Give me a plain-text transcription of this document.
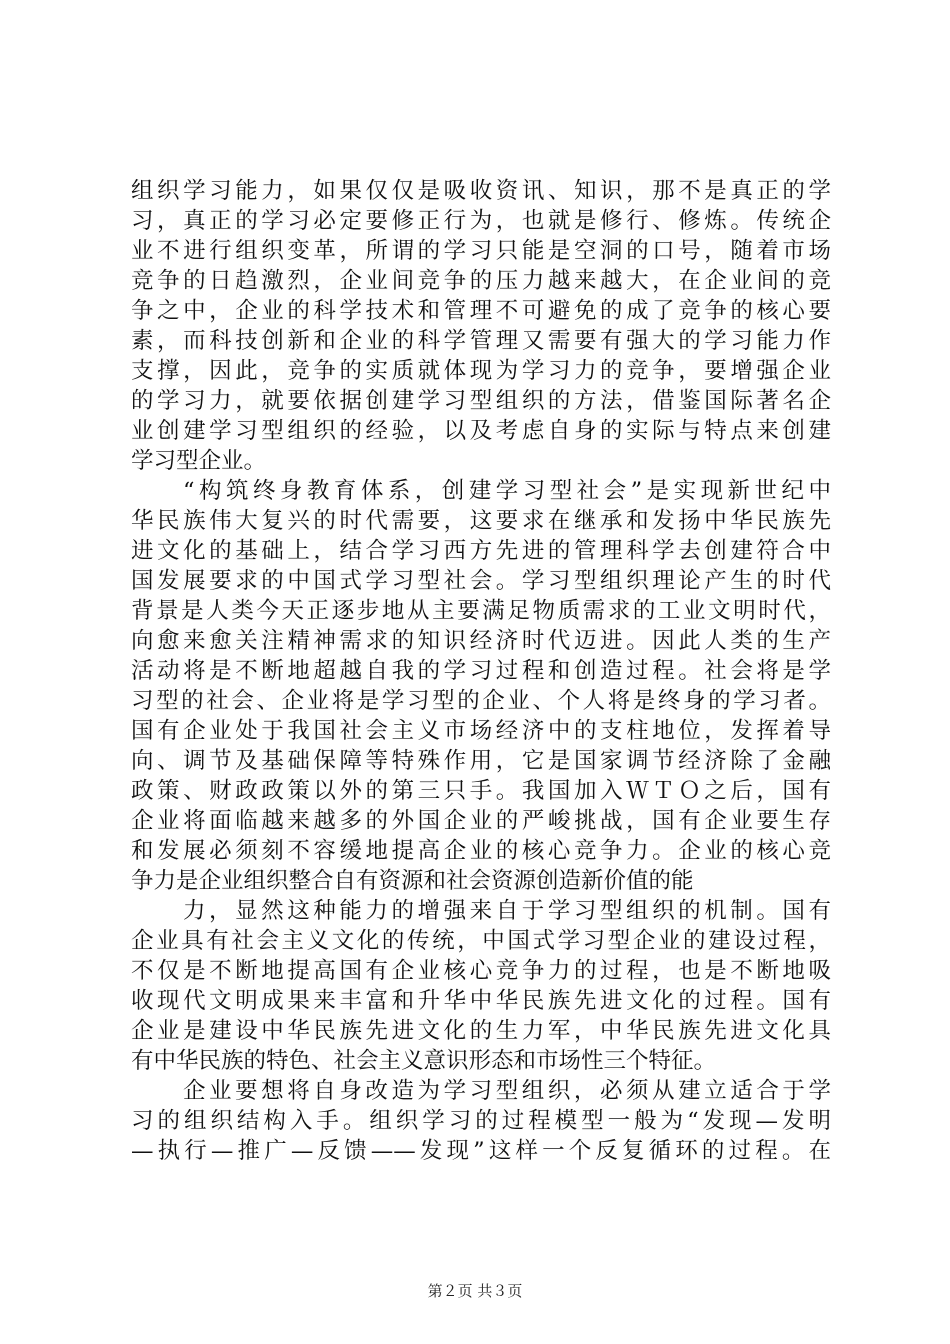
组织学习能力，如果仅仅是吸收资讯、知识，那不是真正的学
习，真正的学习必定要修正行为，也就是修行、修炼。传统企
业不进行组织变革，所谓的学习只能是空洞的口号，随着市场
竞争的日趋激烈，企业间竞争的压力越来越大，在企业间的竞
争之中，企业的科学技术和管理不可避免的成了竞争的核心要
素，而科技创新和企业的科学管理又需要有强大的学习能力作
支撑，因此，竞争的实质就体现为学习力的竞争，要增强企业
的学习力，就要依据创建学习型组织的方法，借鉴国际著名企
业创建学习型组织的经验，以及考虑自身的实际与特点来创建
学习型企业。
“构筑终身教育体系，创建学习型社会”是实现新世纪中
华民族伟大复兴的时代需要，这要求在继承和发扬中华民族先
进文化的基础上，结合学习西方先进的管理科学去创建符合中
国发展要求的中国式学习型社会。学习型组织理论产生的时代
背景是人类今天正逐步地从主要满足物质需求的工业文明时代，
向愈来愈关注精神需求的知识经济时代迈进。因此人类的生产
活动将是不断地超越自我的学习过程和创造过程。社会将是学
习型的社会、企业将是学习型的企业、个人将是终身的学习者。
国有企业处于我国社会主义市场经济中的支柱地位，发挥着导
向、调节及基础保障等特殊作用，它是国家调节经济除了金融
政策、财政政策以外的第三只手。我国加入ＷＴＯ之后，国有
企业将面临越来越多的外国企业的严峻挑战，国有企业要生存
和发展必须刻不容缓地提高企业的核心竞争力。企业的核心竞
争力是企业组织整合自有资源和社会资源创造新价值的能
力，显然这种能力的增强来自于学习型组织的机制。国有
企业具有社会主义文化的传统，中国式学习型企业的建设过程，
不仅是不断地提高国有企业核心竞争力的过程，也是不断地吸
收现代文明成果来丰富和升华中华民族先进文化的过程。国有
企业是建设中华民族先进文化的生力军，中华民族先进文化具
有中华民族的特色、社会主义意识形态和市场性三个特征。
企业要想将自身改造为学习型组织，必须从建立适合于学
习的组织结构入手。组织学习的过程模型一般为“发现—发明
—执行—推广—反馈——发现”这样一个反复循环的过程。在
第２页 共３页
